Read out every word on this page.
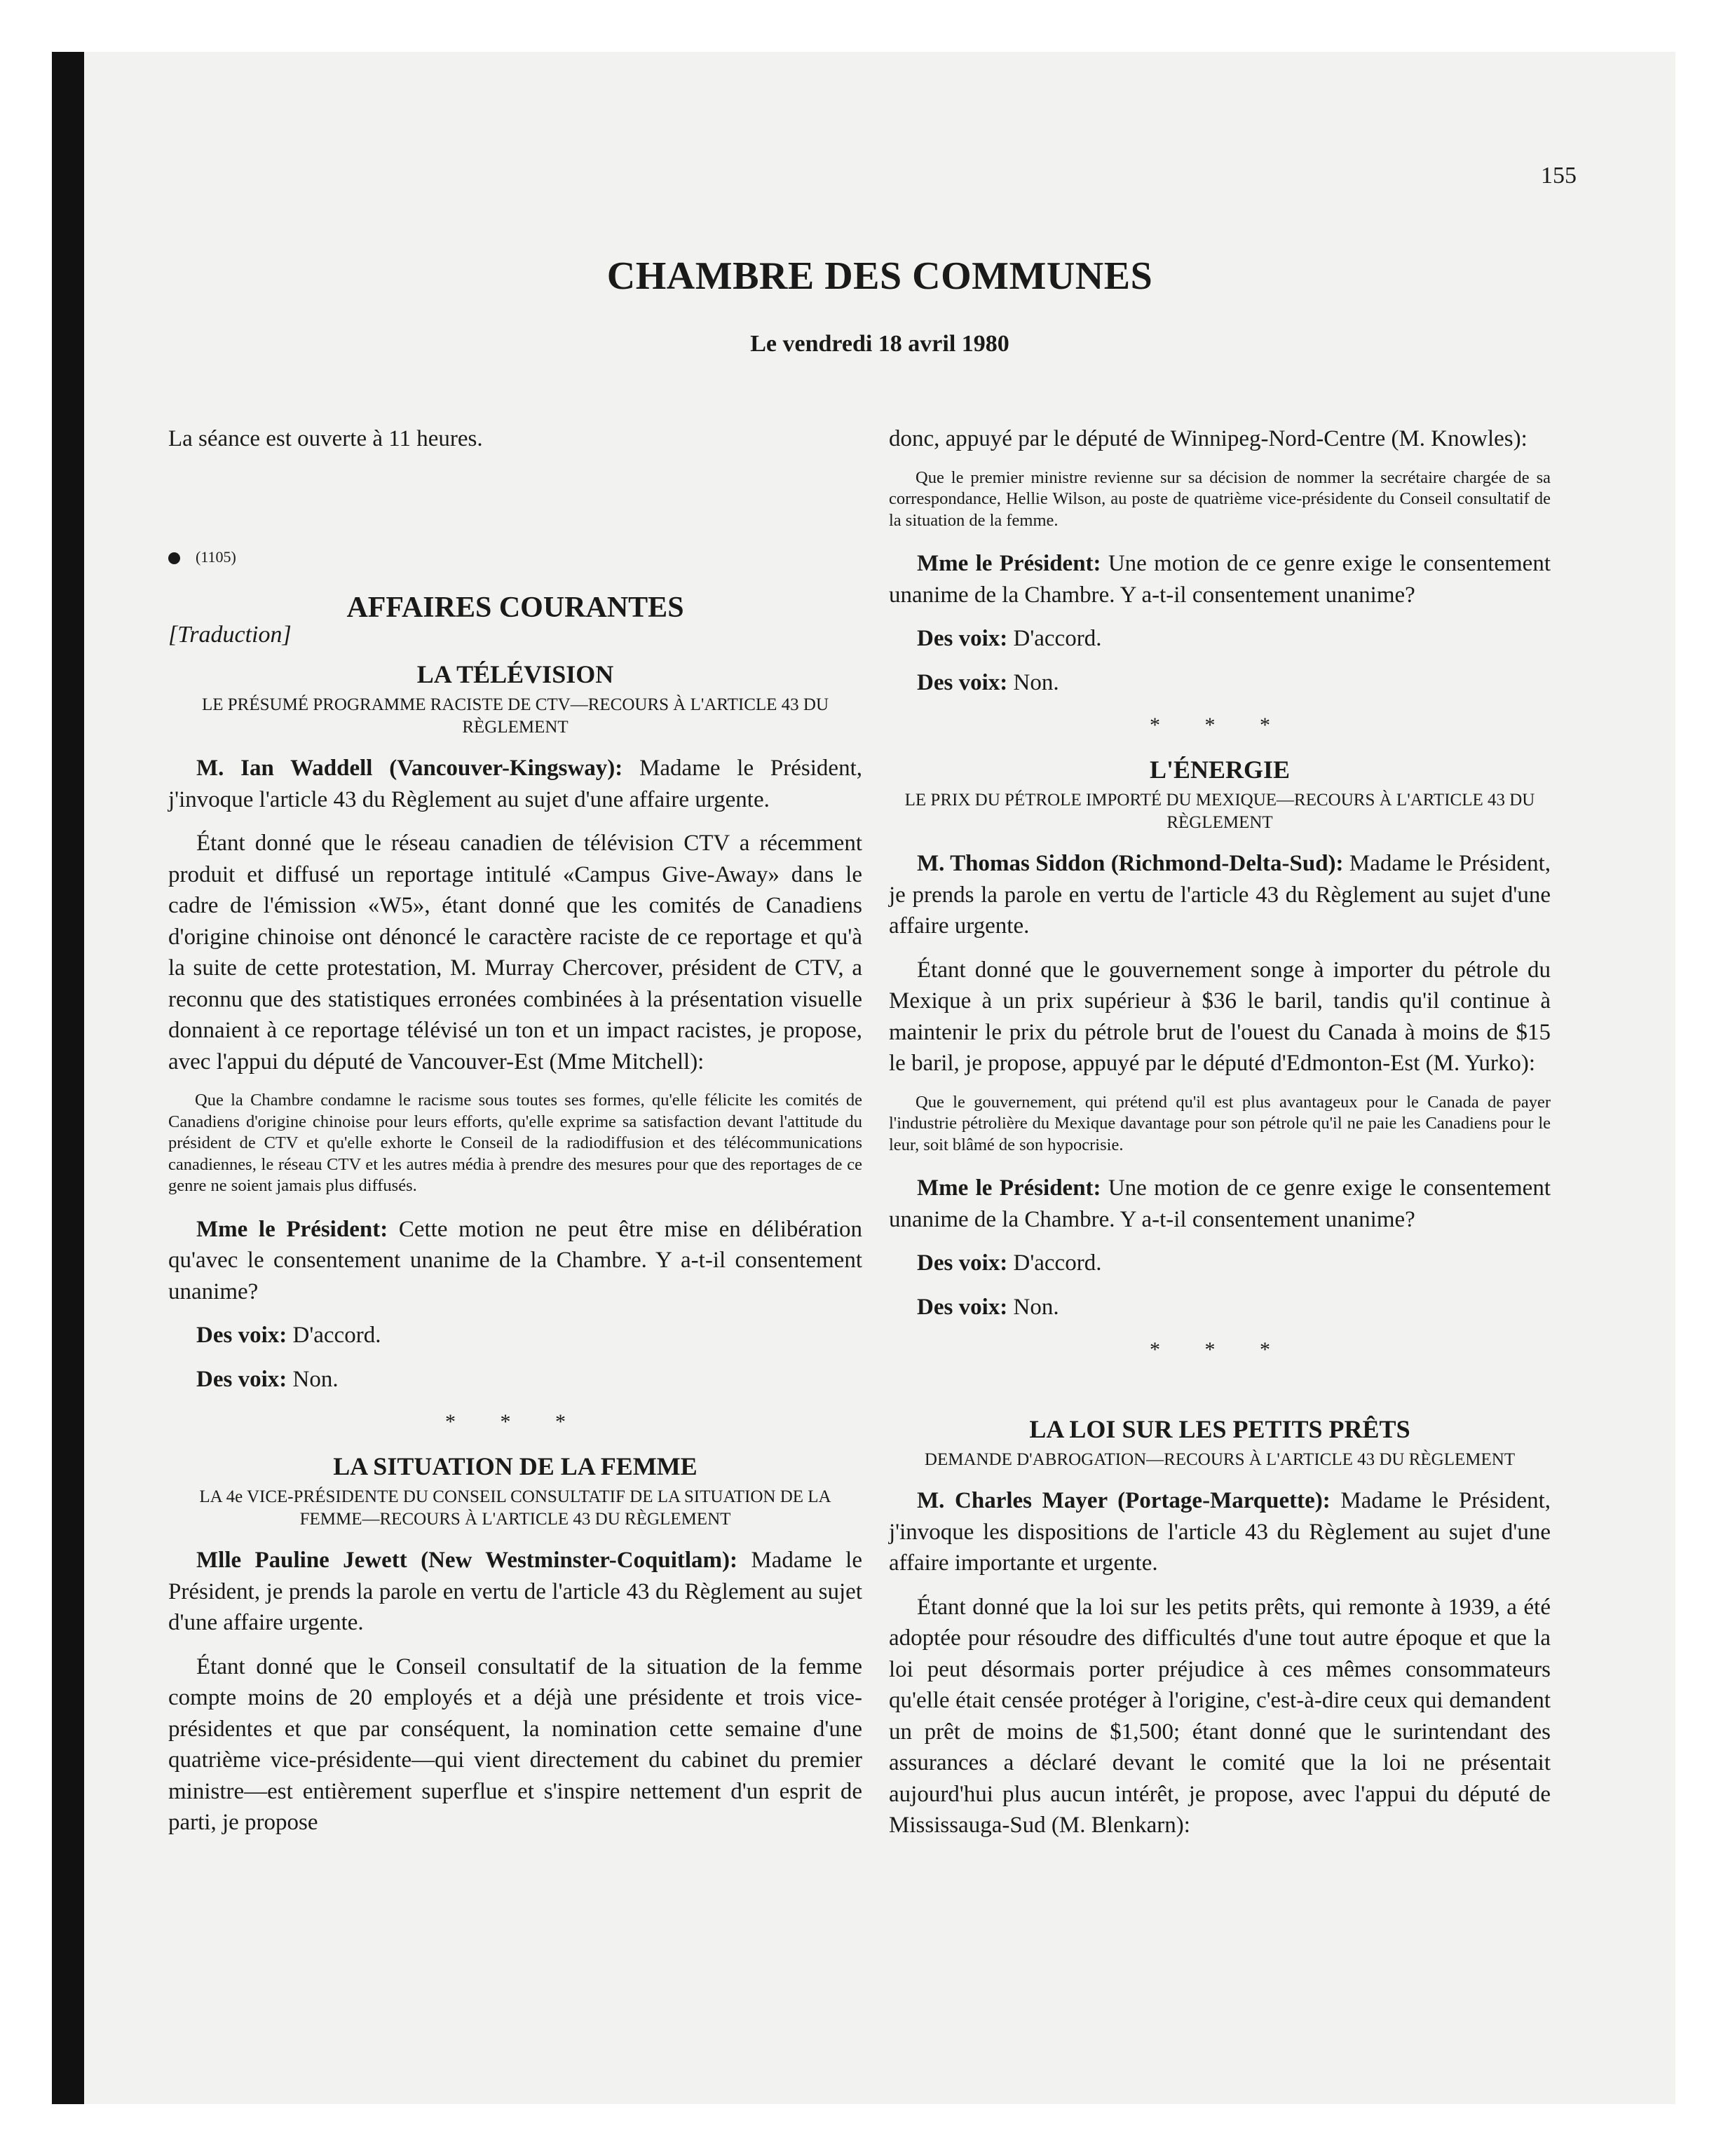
155
CHAMBRE DES COMMUNES
Le vendredi 18 avril 1980

La séance est ouverte à 11 heures.

(1105)
AFFAIRES COURANTES
[Traduction]
LA TÉLÉVISION
LE PRÉSUMÉ PROGRAMME RACISTE DE CTV—RECOURS À L'ARTICLE 43 DU RÈGLEMENT

M. Ian Waddell (Vancouver-Kingsway): Madame le Président, j'invoque l'article 43 du Règlement au sujet d'une affaire urgente.

Étant donné que le réseau canadien de télévision CTV a récemment produit et diffusé un reportage intitulé «Campus Give-Away» dans le cadre de l'émission «W5», étant donné que les comités de Canadiens d'origine chinoise ont dénoncé le caractère raciste de ce reportage et qu'à la suite de cette protestation, M. Murray Chercover, président de CTV, a reconnu que des statistiques erronées combinées à la présentation visuelle donnaient à ce reportage télévisé un ton et un impact racistes, je propose, avec l'appui du député de Vancouver-Est (Mme Mitchell):

Que la Chambre condamne le racisme sous toutes ses formes, qu'elle félicite les comités de Canadiens d'origine chinoise pour leurs efforts, qu'elle exprime sa satisfaction devant l'attitude du président de CTV et qu'elle exhorte le Conseil de la radiodiffusion et des télécommunications canadiennes, le réseau CTV et les autres média à prendre des mesures pour que des reportages de ce genre ne soient jamais plus diffusés.

Mme le Président: Cette motion ne peut être mise en délibération qu'avec le consentement unanime de la Chambre. Y a-t-il consentement unanime?

Des voix: D'accord.

Des voix: Non.

* * *
LA SITUATION DE LA FEMME
LA 4e VICE-PRÉSIDENTE DU CONSEIL CONSULTATIF DE LA SITUATION DE LA FEMME—RECOURS À L'ARTICLE 43 DU RÈGLEMENT

Mlle Pauline Jewett (New Westminster-Coquitlam): Madame le Président, je prends la parole en vertu de l'article 43 du Règlement au sujet d'une affaire urgente.

Étant donné que le Conseil consultatif de la situation de la femme compte moins de 20 employés et a déjà une présidente et trois vice-présidentes et que par conséquent, la nomination cette semaine d'une quatrième vice-présidente—qui vient directement du cabinet du premier ministre—est entièrement superflue et s'inspire nettement d'un esprit de parti, je propose

donc, appuyé par le député de Winnipeg-Nord-Centre (M. Knowles):

Que le premier ministre revienne sur sa décision de nommer la secrétaire chargée de sa correspondance, Hellie Wilson, au poste de quatrième vice-présidente du Conseil consultatif de la situation de la femme.

Mme le Président: Une motion de ce genre exige le consentement unanime de la Chambre. Y a-t-il consentement unanime?

Des voix: D'accord.

Des voix: Non.

* * *
L'ÉNERGIE
LE PRIX DU PÉTROLE IMPORTÉ DU MEXIQUE—RECOURS À L'ARTICLE 43 DU RÈGLEMENT

M. Thomas Siddon (Richmond-Delta-Sud): Madame le Président, je prends la parole en vertu de l'article 43 du Règlement au sujet d'une affaire urgente.

Étant donné que le gouvernement songe à importer du pétrole du Mexique à un prix supérieur à $36 le baril, tandis qu'il continue à maintenir le prix du pétrole brut de l'ouest du Canada à moins de $15 le baril, je propose, appuyé par le député d'Edmonton-Est (M. Yurko):

Que le gouvernement, qui prétend qu'il est plus avantageux pour le Canada de payer l'industrie pétrolière du Mexique davantage pour son pétrole qu'il ne paie les Canadiens pour le leur, soit blâmé de son hypocrisie.

Mme le Président: Une motion de ce genre exige le consentement unanime de la Chambre. Y a-t-il consentement unanime?

Des voix: D'accord.

Des voix: Non.

* * *
LA LOI SUR LES PETITS PRÊTS
DEMANDE D'ABROGATION—RECOURS À L'ARTICLE 43 DU RÈGLEMENT

M. Charles Mayer (Portage-Marquette): Madame le Président, j'invoque les dispositions de l'article 43 du Règlement au sujet d'une affaire importante et urgente.

Étant donné que la loi sur les petits prêts, qui remonte à 1939, a été adoptée pour résoudre des difficultés d'une tout autre époque et que la loi peut désormais porter préjudice à ces mêmes consommateurs qu'elle était censée protéger à l'origine, c'est-à-dire ceux qui demandent un prêt de moins de $1,500; étant donné que le surintendant des assurances a déclaré devant le comité que la loi ne présentait aujourd'hui plus aucun intérêt, je propose, avec l'appui du député de Mississauga-Sud (M. Blenkarn):
